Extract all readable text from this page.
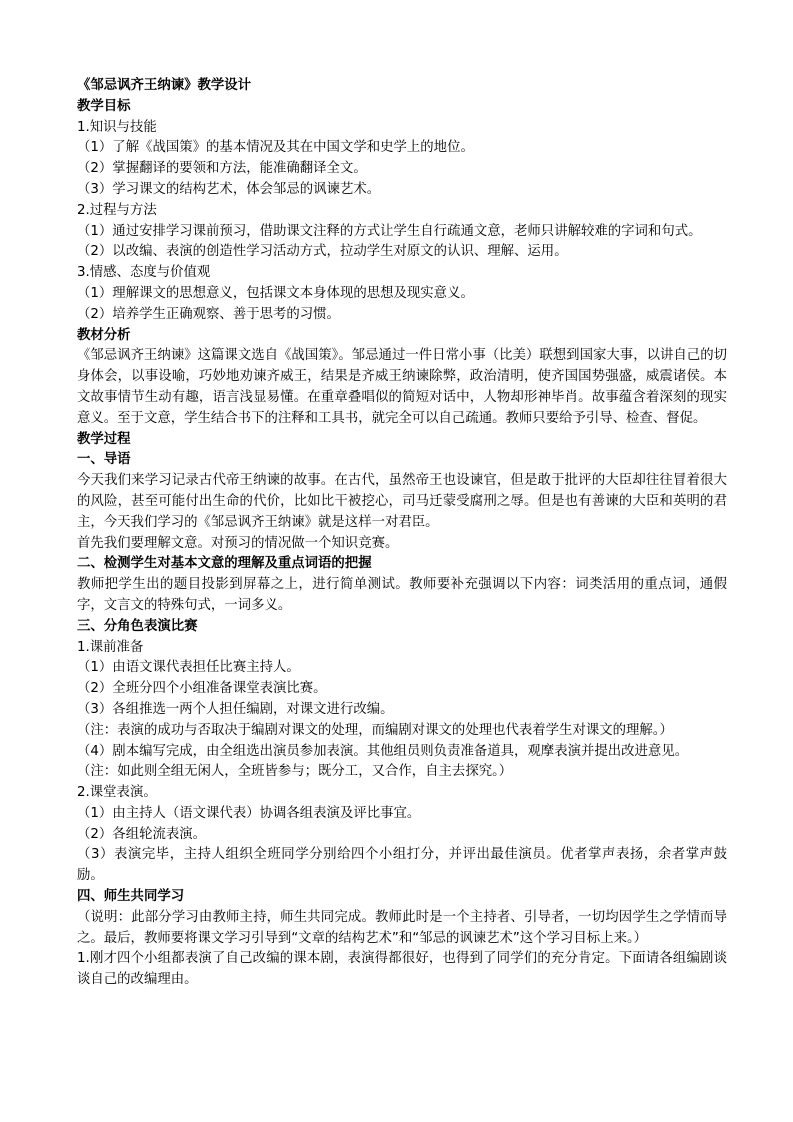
《邹忌讽齐王纳谏》教学设计
教学目标
1.知识与技能
（1）了解《战国策》的基本情况及其在中国文学和史学上的地位。
（2）掌握翻译的要领和方法，能准确翻译全文。
（3）学习课文的结构艺术，体会邹忌的讽谏艺术。
2.过程与方法
（1）通过安排学习课前预习，借助课文注释的方式让学生自行疏通文意，老师只讲解较难的字词和句式。
（2）以改编、表演的创造性学习活动方式，拉动学生对原文的认识、理解、运用。
3.情感、态度与价值观
（1）理解课文的思想意义，包括课文本身体现的思想及现实意义。
（2）培养学生正确观察、善于思考的习惯。
教材分析
《邹忌讽齐王纳谏》这篇课文选自《战国策》。邹忌通过一件日常小事（比美）联想到国家大事，以讲自己的切身体会，以事设喻，巧妙地劝谏齐威王，结果是齐威王纳谏除弊，政治清明，使齐国国势强盛，威震诸侯。本文故事情节生动有趣，语言浅显易懂。在重章叠唱似的简短对话中，人物却形神毕肖。故事蕴含着深刻的现实意义。至于文意，学生结合书下的注释和工具书，就完全可以自己疏通。教师只要给予引导、检查、督促。
教学过程
一、导语
今天我们来学习记录古代帝王纳谏的故事。在古代，虽然帝王也设谏官，但是敢于批评的大臣却往往冒着很大的风险，甚至可能付出生命的代价，比如比干被挖心，司马迁蒙受腐刑之辱。但是也有善谏的大臣和英明的君主，今天我们学习的《邹忌讽齐王纳谏》就是这样一对君臣。
首先我们要理解文意。对预习的情况做一个知识竞赛。
二、检测学生对基本文意的理解及重点词语的把握
教师把学生出的题目投影到屏幕之上，进行简单测试。教师要补充强调以下内容：词类活用的重点词，通假字，文言文的特殊句式，一词多义。
三、分角色表演比赛
1.课前准备
（1）由语文课代表担任比赛主持人。
（2）全班分四个小组准备课堂表演比赛。
（3）各组推选一两个人担任编剧，对课文进行改编。
（注：表演的成功与否取决于编剧对课文的处理，而编剧对课文的处理也代表着学生对课文的理解。）
（4）剧本编写完成，由全组选出演员参加表演。其他组员则负责准备道具，观摩表演并提出改进意见。
（注：如此则全组无闲人，全班皆参与；既分工，又合作，自主去探究。）
2.课堂表演。
（1）由主持人（语文课代表）协调各组表演及评比事宜。
（2）各组轮流表演。
（3）表演完毕，主持人组织全班同学分别给四个小组打分，并评出最佳演员。优者掌声表扬，余者掌声鼓励。
四、师生共同学习
（说明：此部分学习由教师主持，师生共同完成。教师此时是一个主持者、引导者，一切均因学生之学情而导之。最后，教师要将课文学习引导到“文章的结构艺术”和“邹忌的讽谏艺术”这个学习目标上来。）
1.刚才四个小组都表演了自己改编的课本剧，表演得都很好，也得到了同学们的充分肯定。下面请各组编剧谈谈自己的改编理由。
